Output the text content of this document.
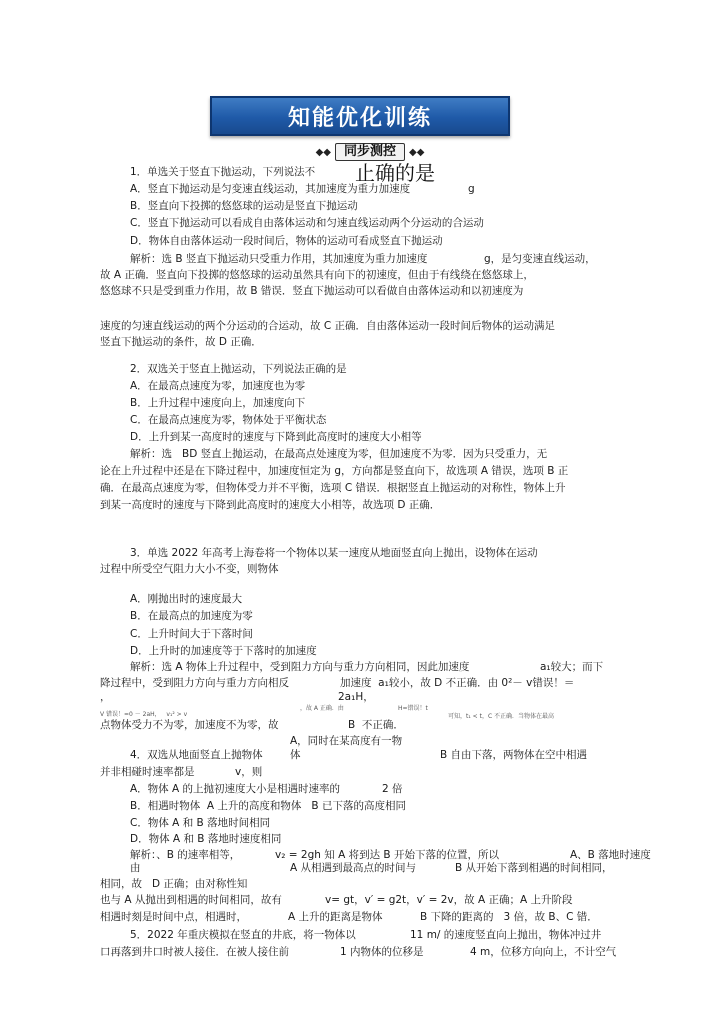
知能优化训练
◆◆	同步测控	◆◆
止确的是
1．单选关于竖直下抛运动，下列说法不
A．竖直下抛运动是匀变速直线运动，其加速度为重力加速度	g
B．竖直向下投掷的悠悠球的运动是竖直下抛运动
C．竖直下抛运动可以看成自由落体运动和匀速直线运动两个分运动的合运动
D．物体自由落体运动一段时间后，物体的运动可看成竖直下抛运动
解析：选 B 竖直下抛运动只受重力作用，其加速度为重力加速度	g，是匀变速直线运动，
故 A 正确．竖直向下投掷的悠悠球的运动虽然具有向下的初速度，但由于有线绕在悠悠球上，
悠悠球不只是受到重力作用，故 B 错误．竖直下抛运动可以看做自由落体运动和以初速度为
速度的匀速直线运动的两个分运动的合运动，故 C 正确．自由落体运动一段时间后物体的运动满足
竖直下抛运动的条件，故 D 正确．
2．双选关于竖直上抛运动，下列说法正确的是
A．在最高点速度为零，加速度也为零
B．上升过程中速度向上，加速度向下
C．在最高点速度为零，物体处于平衡状态
D．上升到某一高度时的速度与下降到此高度时的速度大小相等
解析：选   BD 竖直上抛运动，在最高点处速度为零，但加速度不为零．因为只受重力，无
论在上升过程中还是在下降过程中，加速度恒定为 g，方向都是竖直向下，故选项 A 错误，选项 B 正
确．在最高点速度为零，但物体受力并不平衡，选项 C 错误．根据竖直上抛运动的对称性，物体上升
到某一高度时的速度与下降到此高度时的速度大小相等，故选项 D 正确．
3．单选 2022 年高考上海卷将一个物体以某一速度从地面竖直向上抛出，设物体在运动
过程中所受空气阻力大小不变，则物体
A．刚抛出时的速度最大
B．在最高点的加速度为零
C．上升时间大于下落时间
D．上升时的加速度等于下落时的加速度
解析：选 A 物体上升过程中，受到阻力方向与重力方向相同，因此加速度	a₁较大；而下
降过程中，受到阻力方向与重力方向相反	加速度  a₁较小，故 D 不正确．由 0²－ v错误！＝
，	2a₁H，
点物体受力不为零，加速度不为零，故	B  不正确．
A，同时在某高度有一物
4．双选从地面竖直上抛物体	体	B 自由下落，两物体在空中相遇
并非相碰时速率都是	v，则
A．物体 A 的上抛初速度大小是相遇时速率的	2 倍
B．相遇时物体  A 上升的高度和物体   B 已下落的高度相同
C．物体 A 和 B 落地时间相同
D．物体 A 和 B 落地时速度相同
解析：、B 的速率相等，	v₂ = 2gh 知 A 将到达 B 开始下落的位置，所以	A、B 落地时速度
由	A 从相遇到最高点的时间与	B 从开始下落到相遇的时间相同，
相同，故   D 正确；由对称性知
也与 A 从抛出到相遇的时间相同，故有	v= gt，v′ = g2t，v′ = 2v，故 A 正确；A 上升阶段
相遇时刻是时间中点，相遇时，	A 上升的距离是物体	B 下降的距离的   3 倍，故 B、C 错．
5．2022 年重庆模拟在竖直的井底，将一物体以	11 m/ 的速度竖直向上抛出，物体冲过井
口再落到井口时被人接住．在被人接住前	1 内物体的位移是	4 m，位移方向向上，不计空气
V 错误！=0 － 2aH，   v₁² > v
，故 A 正确．由	H=错误！t
可知，t₁ < t，C 不正确．当物体在最高
